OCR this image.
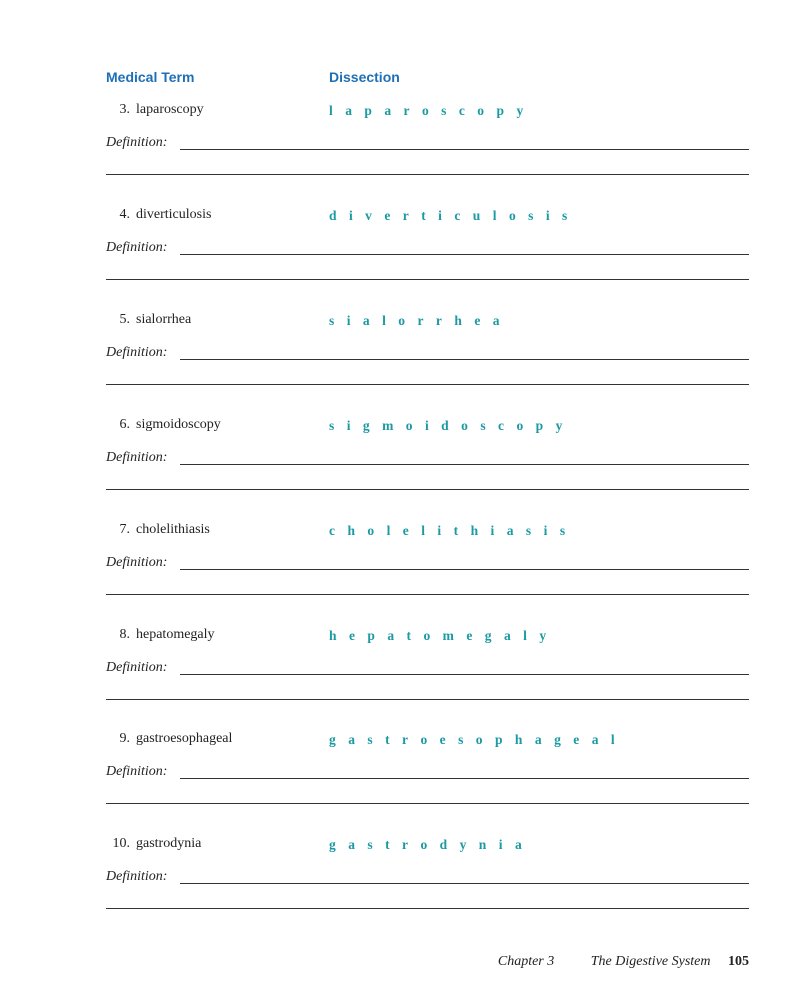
Medical Term	Dissection
3. laparoscopy	l a p a r o s c o p y
Definition:
4. diverticulosis	d i v e r t i c u l o s i s
Definition:
5. sialorrhea	s i a l o r r h e a
Definition:
6. sigmoidoscopy	s i g m o i d o s c o p y
Definition:
7. cholelithiasis	c h o l e l i t h i a s i s
Definition:
8. hepatomegaly	h e p a t o m e g a l y
Definition:
9. gastroesophageal	g a s t r o e s o p h a g e a l
Definition:
10. gastrodynia	g a s t r o d y n i a
Definition:
Chapter 3	The Digestive System 105
